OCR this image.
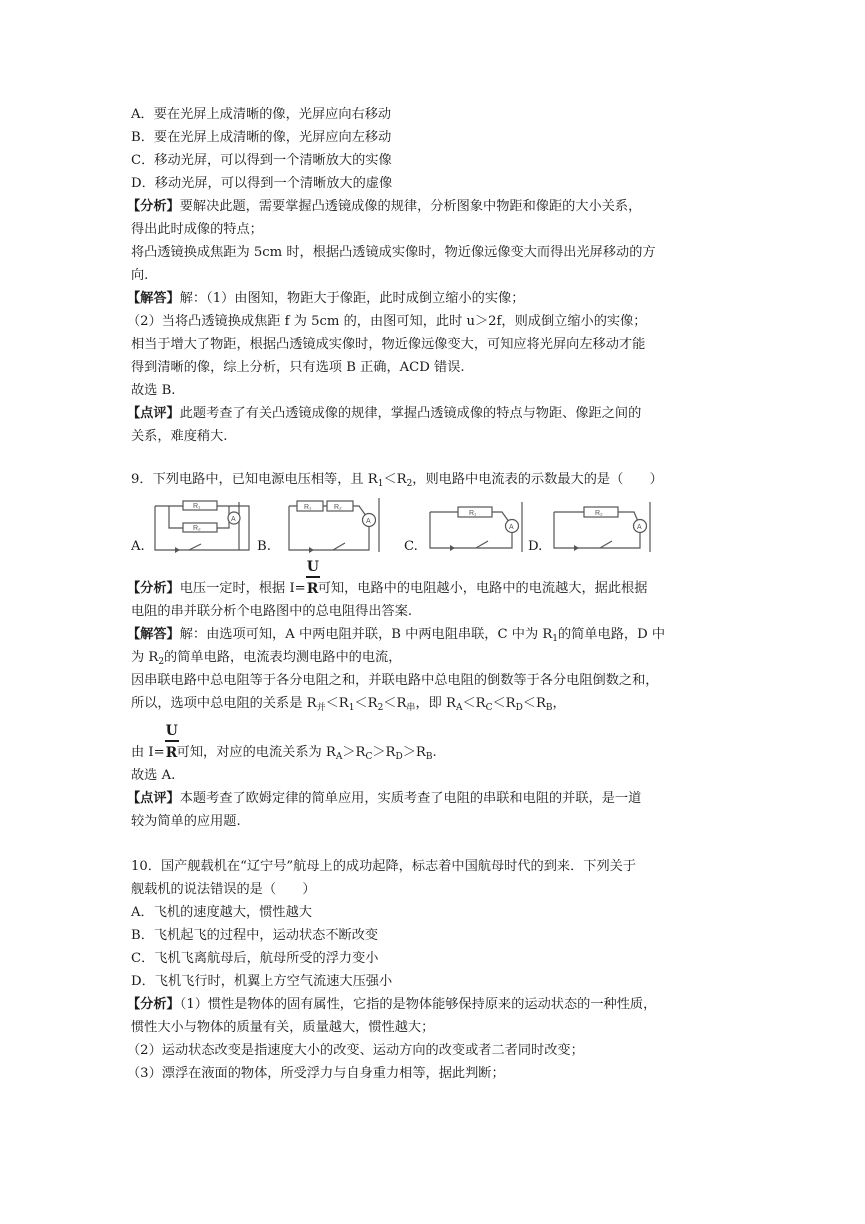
A．要在光屏上成清晰的像，光屏应向右移动
B．要在光屏上成清晰的像，光屏应向左移动
C．移动光屏，可以得到一个清晰放大的实像
D．移动光屏，可以得到一个清晰放大的虚像
【分析】要解决此题，需要掌握凸透镜成像的规律，分析图象中物距和像距的大小关系，
得出此时成像的特点；
将凸透镜换成焦距为 5cm 时，根据凸透镜成实像时，物近像远像变大而得出光屏移动的方
向.
【解答】解：（1）由图知，物距大于像距，此时成倒立缩小的实像；
（2）当将凸透镜换成焦距 f 为 5cm 的，由图可知，此时 u＞2f，则成倒立缩小的实像；
相当于增大了物距，根据凸透镜成实像时，物近像远像变大，可知应将光屏向左移动才能
得到清晰的像，综上分析，只有选项 B 正确，ACD 错误.
故选 B.
【点评】此题考查了有关凸透镜成像的规律，掌握凸透镜成像的特点与物距、像距之间的
关系，难度稍大.
9．下列电路中，已知电源电压相等，且 $R_1<R_2$，则电路中电流表的示数最大的是（　　）
A
R₁
R₂
A
R₁	R₂
A
R₁
A
R₂
A.	B.	C.	D.
【分析】电压一定时，根据 $I= \frac{U}{R}$ 可知，电路中的电阻越小，电路中的电流越大，据此根据
电阻的串并联分析个电路图中的总电阻得出答案.
【解答】解：由选项可知，A 中两电阻并联，B 中两电阻串联，C 中为 $R_1$的简单电路，D 中
为 $R_2$的简单电路，电流表均测电路中的电流，
因串联电路中总电阻等于各分电阻之和，并联电路中总电阻的倒数等于各分电阻倒数之和，
所以，选项中总电阻的关系是 $R_并<R_1<R_2<R_串$，即 $R_A<R_C<R_D<R_B$，
由 $I= \frac{U}{R}$ 可知，对应的电流关系为 $R_A>R_C>R_D>R_B$.
故选 A.
【点评】本题考查了欧姆定律的简单应用，实质考查了电阻的串联和电阻的并联，是一道
较为简单的应用题.
10．国产舰载机在“辽宁号”航母上的成功起降，标志着中国航母时代的到来．下列关于
舰载机的说法错误的是（　　）
A．飞机的速度越大，惯性越大
B．飞机起飞的过程中，运动状态不断改变
C．飞机飞离航母后，航母所受的浮力变小
D．飞机飞行时，机翼上方空气流速大压强小
【分析】（1）惯性是物体的固有属性，它指的是物体能够保持原来的运动状态的一种性质，
惯性大小与物体的质量有关，质量越大，惯性越大；
（2）运动状态改变是指速度大小的改变、运动方向的改变或者二者同时改变；
（3）漂浮在液面的物体，所受浮力与自身重力相等，据此判断；
